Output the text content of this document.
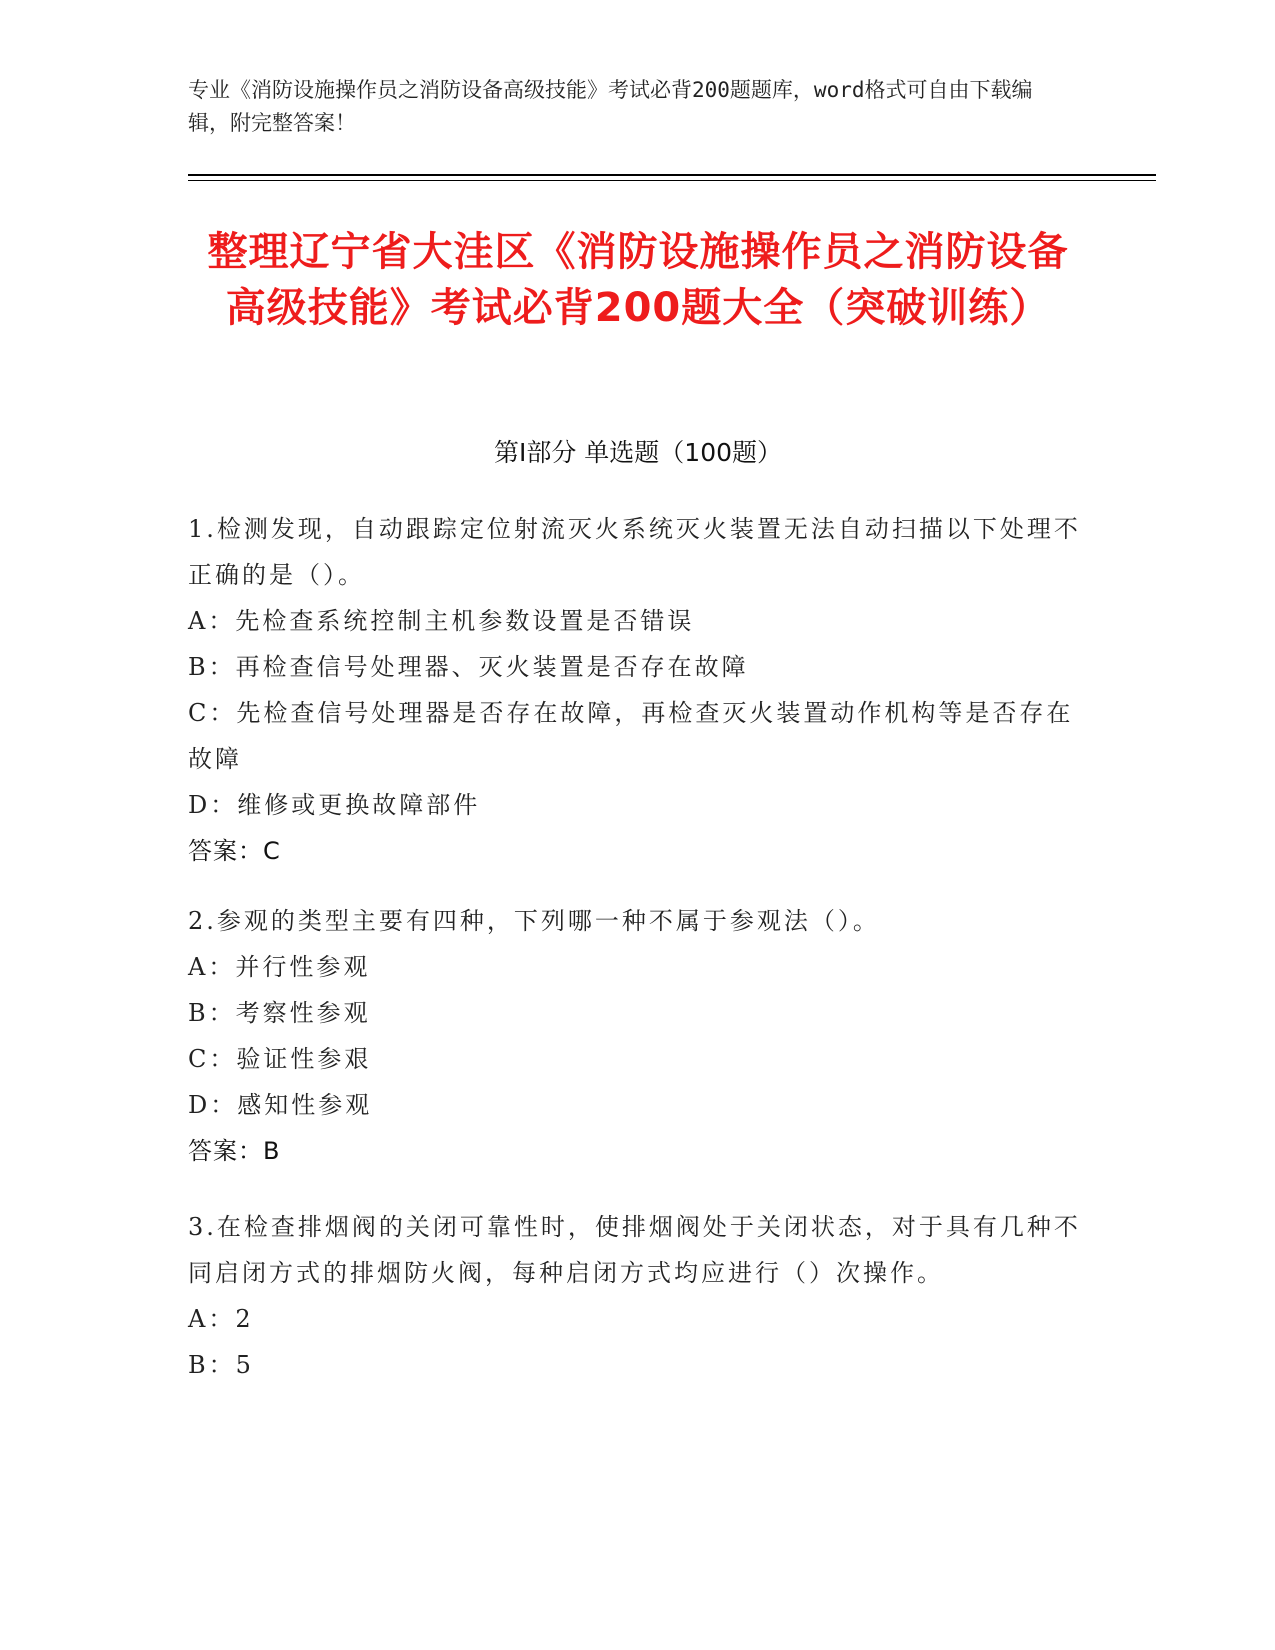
专业《消防设施操作员之消防设备高级技能》考试必背200题题库，word格式可自由下载编辑，附完整答案！
整理辽宁省大洼区《消防设施操作员之消防设备高级技能》考试必背200题大全（突破训练）
第Ⅰ部分 单选题（100题）
1.检测发现，自动跟踪定位射流灭火系统灭火装置无法自动扫描以下处理不正确的是（）。
A：先检查系统控制主机参数设置是否错误
B：再检查信号处理器、灭火装置是否存在故障
C：先检查信号处理器是否存在故障，再检查灭火装置动作机构等是否存在故障
D：维修或更换故障部件
答案：C
2.参观的类型主要有四种，下列哪一种不属于参观法（）。
A：并行性参观
B：考察性参观
C：验证性参艰
D：感知性参观
答案：B
3.在检查排烟阀的关闭可靠性时，使排烟阀处于关闭状态，对于具有几种不同启闭方式的排烟防火阀，每种启闭方式均应进行（）次操作。
A：2
B：5
